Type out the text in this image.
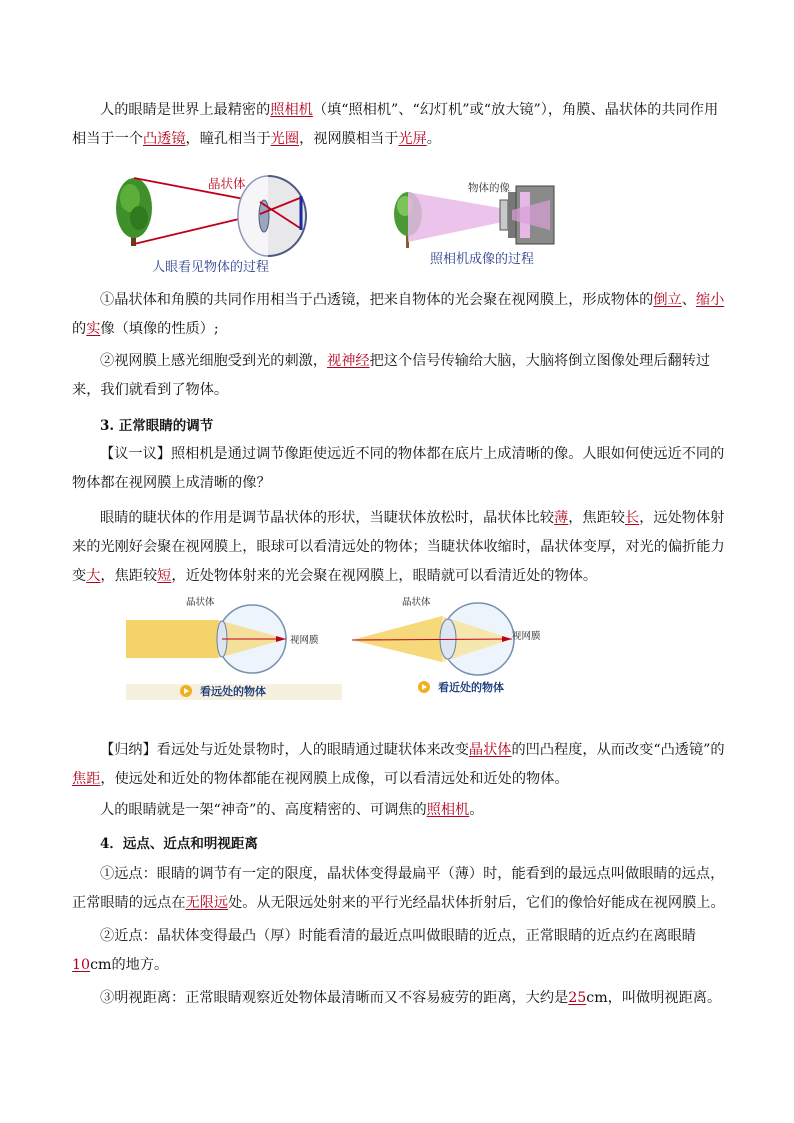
人的眼睛是世界上最精密的照相机（填“照相机”、“幻灯机”或“放大镜”），角膜、晶状体的共同作用相当于一个凸透镜，瞳孔相当于光圈，视网膜相当于光屏。
晶状体
人眼看见物体的过程
物体的像
照相机成像的过程
①晶状体和角膜的共同作用相当于凸透镜，把来自物体的光会聚在视网膜上，形成物体的倒立、缩小的实像（填像的性质）;
②视网膜上感光细胞受到光的刺激，视神经把这个信号传输给大脑，大脑将倒立图像处理后翻转过来，我们就看到了物体。
3. 正常眼睛的调节
【议一议】照相机是通过调节像距使远近不同的物体都在底片上成清晰的像。人眼如何使远近不同的物体都在视网膜上成清晰的像？
眼睛的睫状体的作用是调节晶状体的形状，当睫状体放松时，晶状体比较薄，焦距较长，远处物体射来的光刚好会聚在视网膜上，眼球可以看清远处的物体；当睫状体收缩时，晶状体变厚，对光的偏折能力变大，焦距较短，近处物体射来的光会聚在视网膜上，眼睛就可以看清近处的物体。
晶状体
视网膜
看远处的物体
晶状体
视网膜
看近处的物体
【归纳】看远处与近处景物时，人的眼睛通过睫状体来改变晶状体的凹凸程度，从而改变“凸透镜”的焦距，使远处和近处的物体都能在视网膜上成像，可以看清远处和近处的物体。
人的眼睛就是一架“神奇”的、高度精密的、可调焦的照相机。
4．远点、近点和明视距离
①远点：眼睛的调节有一定的限度，晶状体变得最扁平（薄）时，能看到的最远点叫做眼睛的远点，正常眼睛的远点在无限远处。从无限远处射来的平行光经晶状体折射后，它们的像恰好能成在视网膜上。
②近点：晶状体变得最凸（厚）时能看清的最近点叫做眼睛的近点，正常眼睛的近点约在离眼睛10cm的地方。
③明视距离：正常眼睛观察近处物体最清晰而又不容易疲劳的距离，大约是25cm，叫做明视距离。
